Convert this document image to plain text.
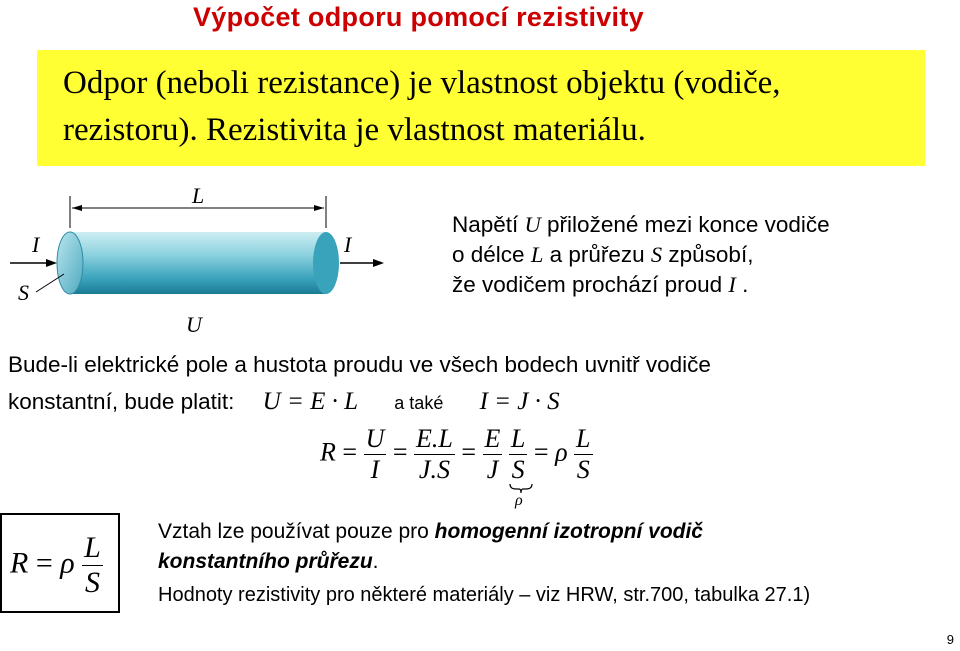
Výpočet odporu pomocí rezistivity
Odpor (neboli rezistance) je vlastnost objektu (vodiče,
rezistoru). Rezistivita je vlastnost materiálu.
L
I	I
S
U
Napětí U přiložené mezi konce vodiče
o délce L a průřezu S způsobí,
že vodičem prochází proud I .
Bude-li elektrické pole a hustota proudu ve všech bodech uvnitř vodiče
konstantní, bude platit: U = E · L a také I = J · S
$R = \frac{U}{I} = \frac{E.L}{J.S} = \frac{E}{J}$
$\frac{L}{S} = \rho \frac{L}{S}$
ρ
R = ρ $\frac{L}{S}$	Vztah lze používat pouze pro homogenní izotropní vodič
konstantního průřezu.
Hodnoty rezistivity pro některé materiály – viz HRW, str.700, tabulka 27.1)
9
